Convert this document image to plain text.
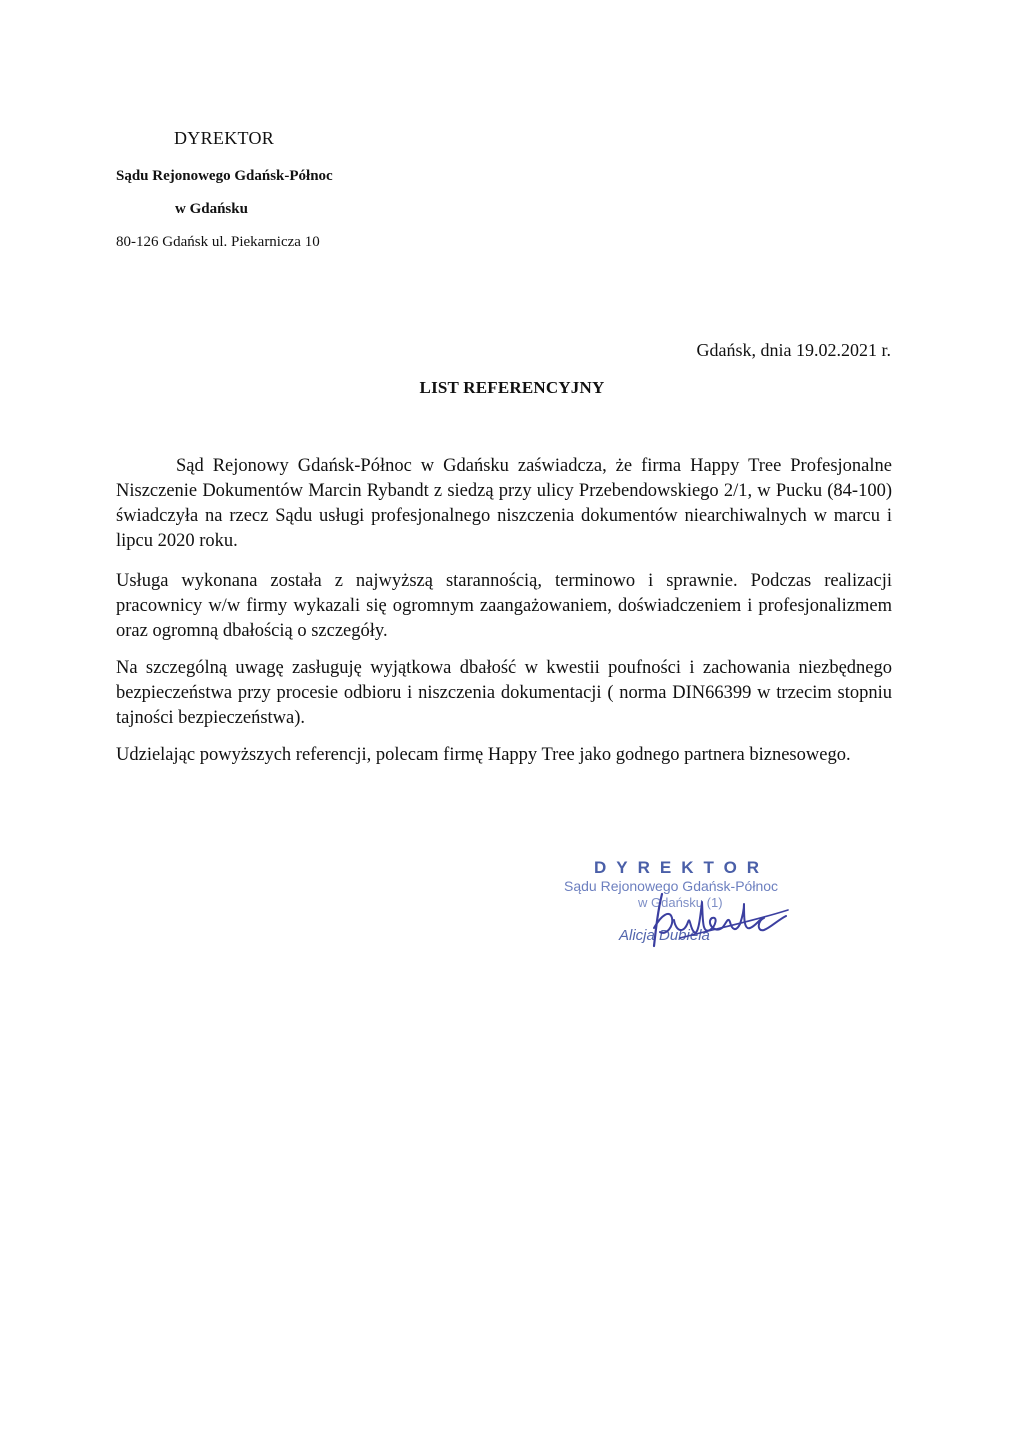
DYREKTOR
Sądu Rejonowego Gdańsk-Północ
w Gdańsku
80-126 Gdańsk ul. Piekarnicza 10
Gdańsk, dnia 19.02.2021 r.
LIST REFERENCYJNY

Sąd Rejonowy Gdańsk-Północ w Gdańsku zaświadcza, że firma Happy Tree Profesjonalne Niszczenie Dokumentów Marcin Rybandt z siedzą przy ulicy Przebendowskiego 2/1, w Pucku (84-100) świadczyła na rzecz Sądu usługi profesjonalnego niszczenia dokumentów niearchiwalnych w marcu i lipcu 2020 roku.

Usługa wykonana została z najwyższą starannością, terminowo i sprawnie. Podczas realizacji pracownicy w/w firmy wykazali się ogromnym zaangażowaniem, doświadczeniem i profesjonalizmem oraz ogromną dbałością o szczegóły.

Na szczególną uwagę zasługuję wyjątkowa dbałość w kwestii poufności i zachowania niezbędnego bezpieczeństwa przy procesie odbioru i niszczenia dokumentacji ( norma DIN66399 w trzecim stopniu tajności bezpieczeństwa).

Udzielając powyższych referencji, polecam firmę Happy Tree jako godnego partnera biznesowego.

DYREKTOR
Sądu Rejonowego Gdańsk-Północ
w Gdańsku (1)
Alicja Dubiela
